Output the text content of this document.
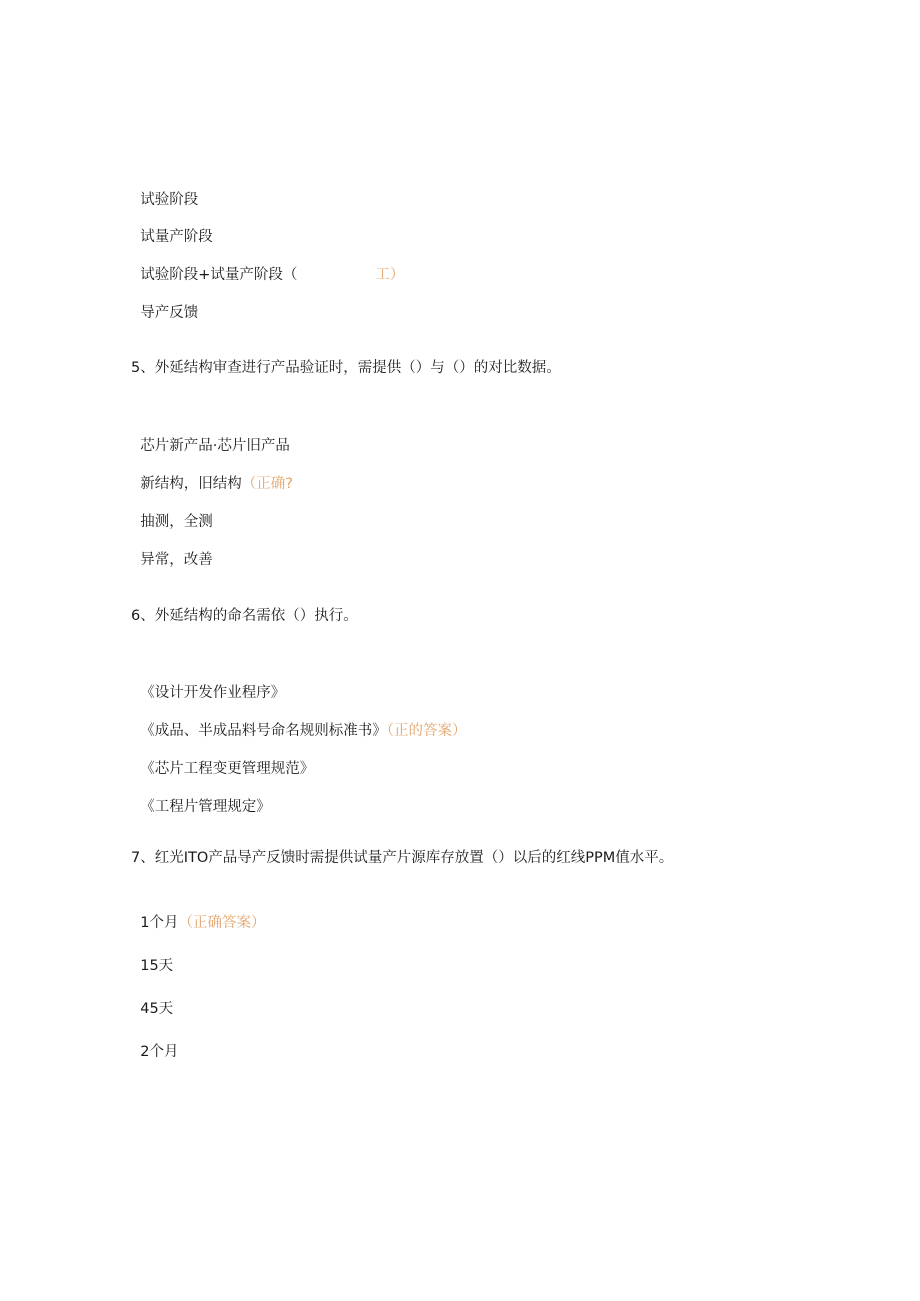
试验阶段

试量产阶段

试验阶段+试量产阶段（	工）

导产反馈

5、外延结构审查进行产品验证时，需提供（）与（）的对比数据。

芯片新产品·芯片旧产品

新结构，旧结构（正确?

抽测，全测

异常，改善

6、外延结构的命名需依（）执行。

《设计开发作业程序》

《成品、半成品料号命名规则标准书》（正的答案）

《芯片工程变更管理规范》

《工程片管理规定》

7、红光ITO产品导产反馈时需提供试量产片源库存放置（）以后的红线PPM值水平。

1个月（正确答案）

15天

45天

2个月
